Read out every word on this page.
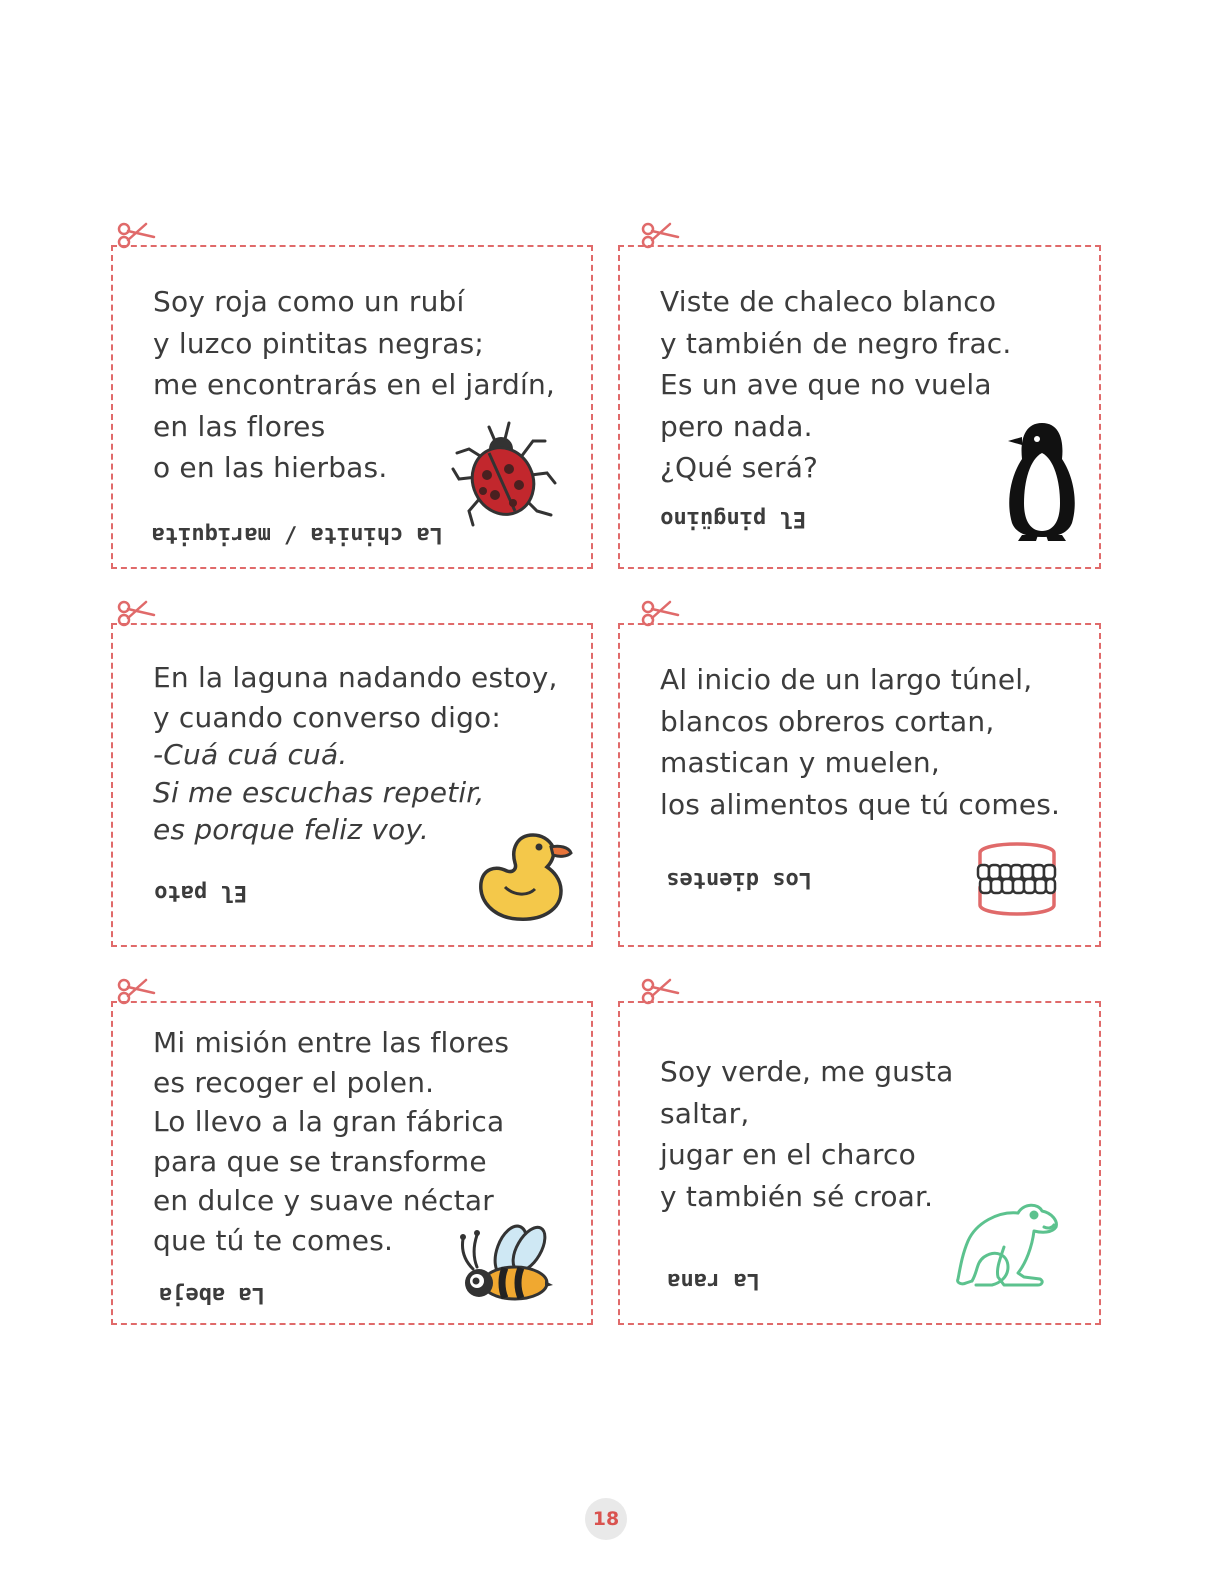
Soy roja como un rubí
y luzco pintitas negras;
me encontrarás en el jardín,
en las flores
o en las hierbas.
La chinita / mariquita
Viste de chaleco blanco
y también de negro frac.
Es un ave que no vuela
pero nada.
¿Qué será?
El pingüino
En la laguna nadando estoy,
y cuando converso digo:
-Cuá cuá cuá.
Si me escuchas repetir,
es porque feliz voy.
El pato
Al inicio de un largo túnel,
blancos obreros cortan,
mastican y muelen,
los alimentos que tú comes.
Los dientes
Mi misión entre las flores
es recoger el polen.
Lo llevo a la gran fábrica
para que se transforme
en dulce y suave néctar
que tú te comes.
La abeja
Soy verde, me gusta
saltar,
jugar en el charco
y también sé croar.
La rana
18
